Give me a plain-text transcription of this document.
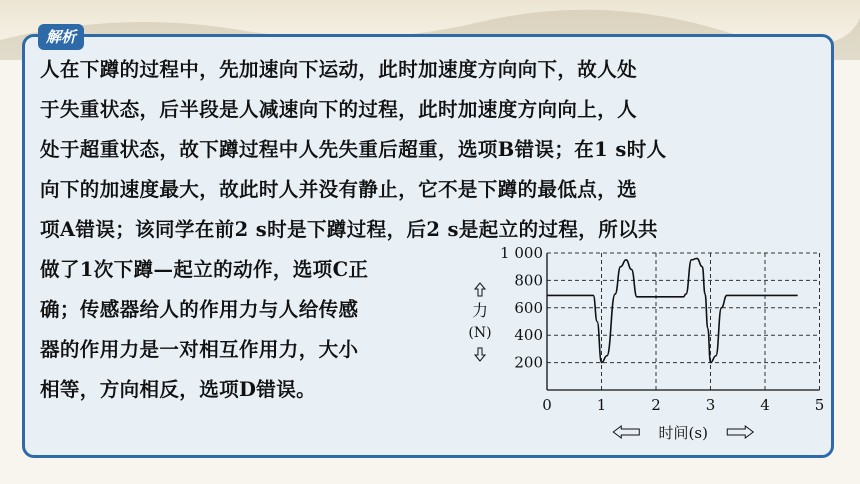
解析

人在下蹲的过程中，先加速向下运动，此时加速度方向向下，故人处

于失重状态，后半段是人减速向下的过程，此时加速度方向向上，人

处于超重状态，故下蹲过程中人先失重后超重，选项B错误；在1 s时人

向下的加速度最大，故此时人并没有静止，它不是下蹲的最低点，选

项A错误；该同学在前2 s时是下蹲过程，后2 s是起立的过程，所以共

做了1次下蹲—起立的动作，选项C正

确；传感器给人的作用力与人给传感

器的作用力是一对相互作用力，大小

相等，方向相反，选项D错误。

1 000
800
600
400
200
0	1	2	3	4	5
力
(N)
时间(s)
